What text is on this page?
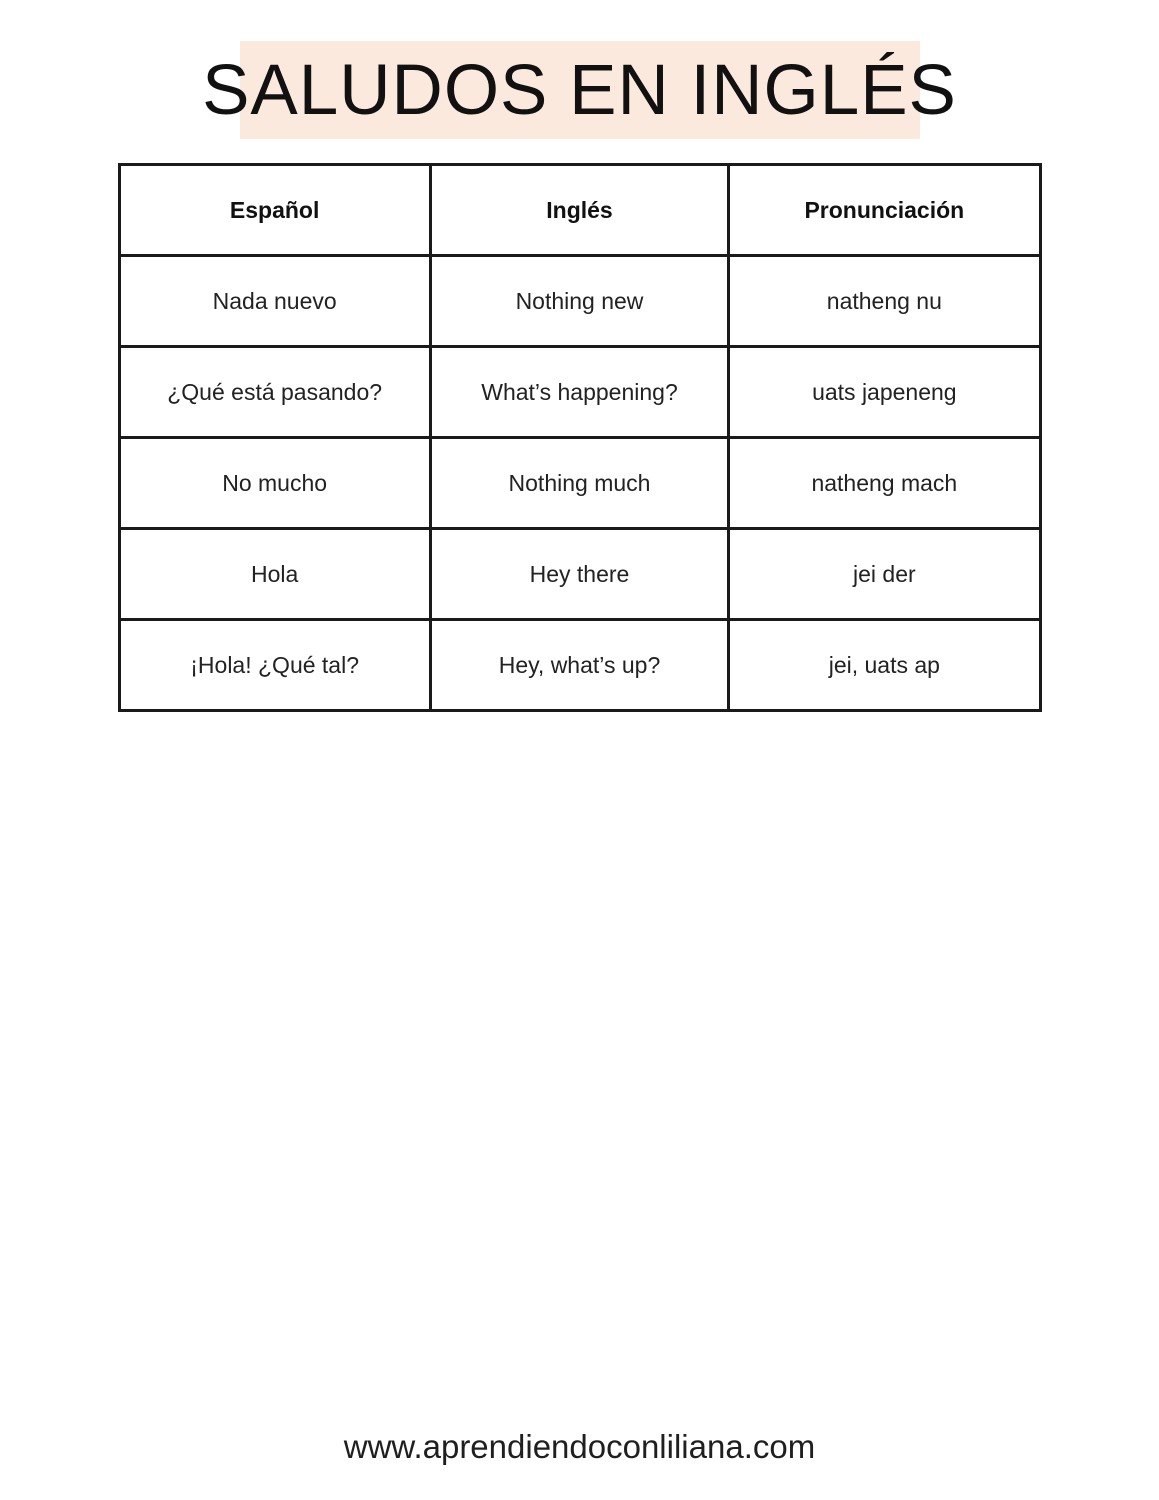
SALUDOS EN INGLÉS
Español	Inglés	Pronunciación
Nada nuevo	Nothing new	natheng nu
¿Qué está pasando?	What’s happening?	uats japeneng
No mucho	Nothing much	natheng mach
Hola	Hey there	jei der
¡Hola! ¿Qué tal?	Hey, what’s up?	jei, uats ap
www.aprendiendoconliliana.com
